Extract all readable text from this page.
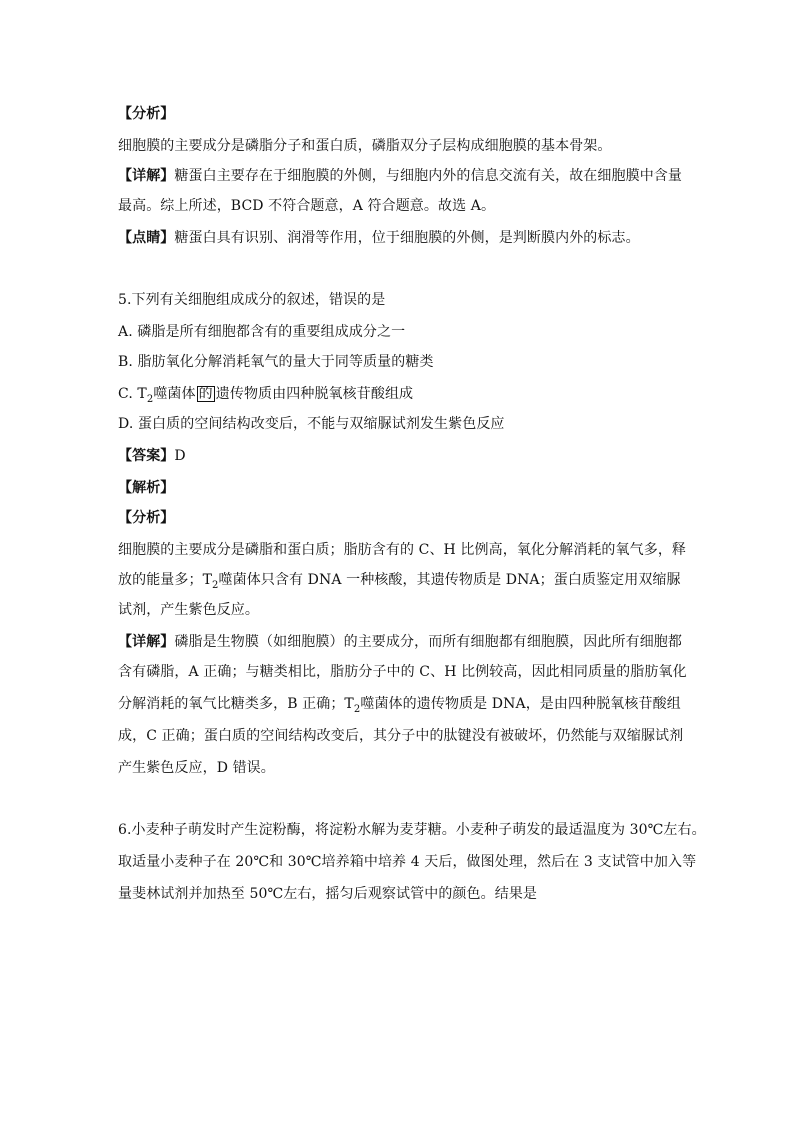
【分析】
细胞膜的主要成分是磷脂分子和蛋白质，磷脂双分子层构成细胞膜的基本骨架。
【详解】糖蛋白主要存在于细胞膜的外侧，与细胞内外的信息交流有关，故在细胞膜中含量
最高。综上所述，BCD 不符合题意，A 符合题意。故选 A。
【点睛】糖蛋白具有识别、润滑等作用，位于细胞膜的外侧，是判断膜内外的标志。
5.下列有关细胞组成成分的叙述，错误的是
A. 磷脂是所有细胞都含有的重要组成成分之一
B. 脂肪氧化分解消耗氧气的量大于同等质量的糖类
C. $T_2$噬菌体 的 遗传物质由四种脱氧核苷酸组成
D. 蛋白质的空间结构改变后，不能与双缩脲试剂发生紫色反应
【答案】D
【解析】
【分析】
细胞膜的主要成分是磷脂和蛋白质；脂肪含有的 C、H 比例高，氧化分解消耗的氧气多，释
放的能量多；$T_2$噬菌体只含有 DNA 一种核酸，其遗传物质是 DNA；蛋白质鉴定用双缩脲
试剂，产生紫色反应。
【详解】磷脂是生物膜（如细胞膜）的主要成分，而所有细胞都有细胞膜，因此所有细胞都
含有磷脂，A 正确；与糖类相比，脂肪分子中的 C、H 比例较高，因此相同质量的脂肪氧化
分解消耗的氧气比糖类多，B 正确；$T_2$噬菌体的遗传物质是 DNA，是由四种脱氧核苷酸组
成，C 正确；蛋白质的空间结构改变后，其分子中的肽键没有被破坏，仍然能与双缩脲试剂
产生紫色反应，D 错误。
6.小麦种子萌发时产生淀粉酶，将淀粉水解为麦芽糖。小麦种子萌发的最适温度为 30℃左右。
取适量小麦种子在 20℃和 30℃培养箱中培养 4 天后，做图处理，然后在 3 支试管中加入等
量斐林试剂并加热至 50℃左右，摇匀后观察试管中的颜色。结果是
